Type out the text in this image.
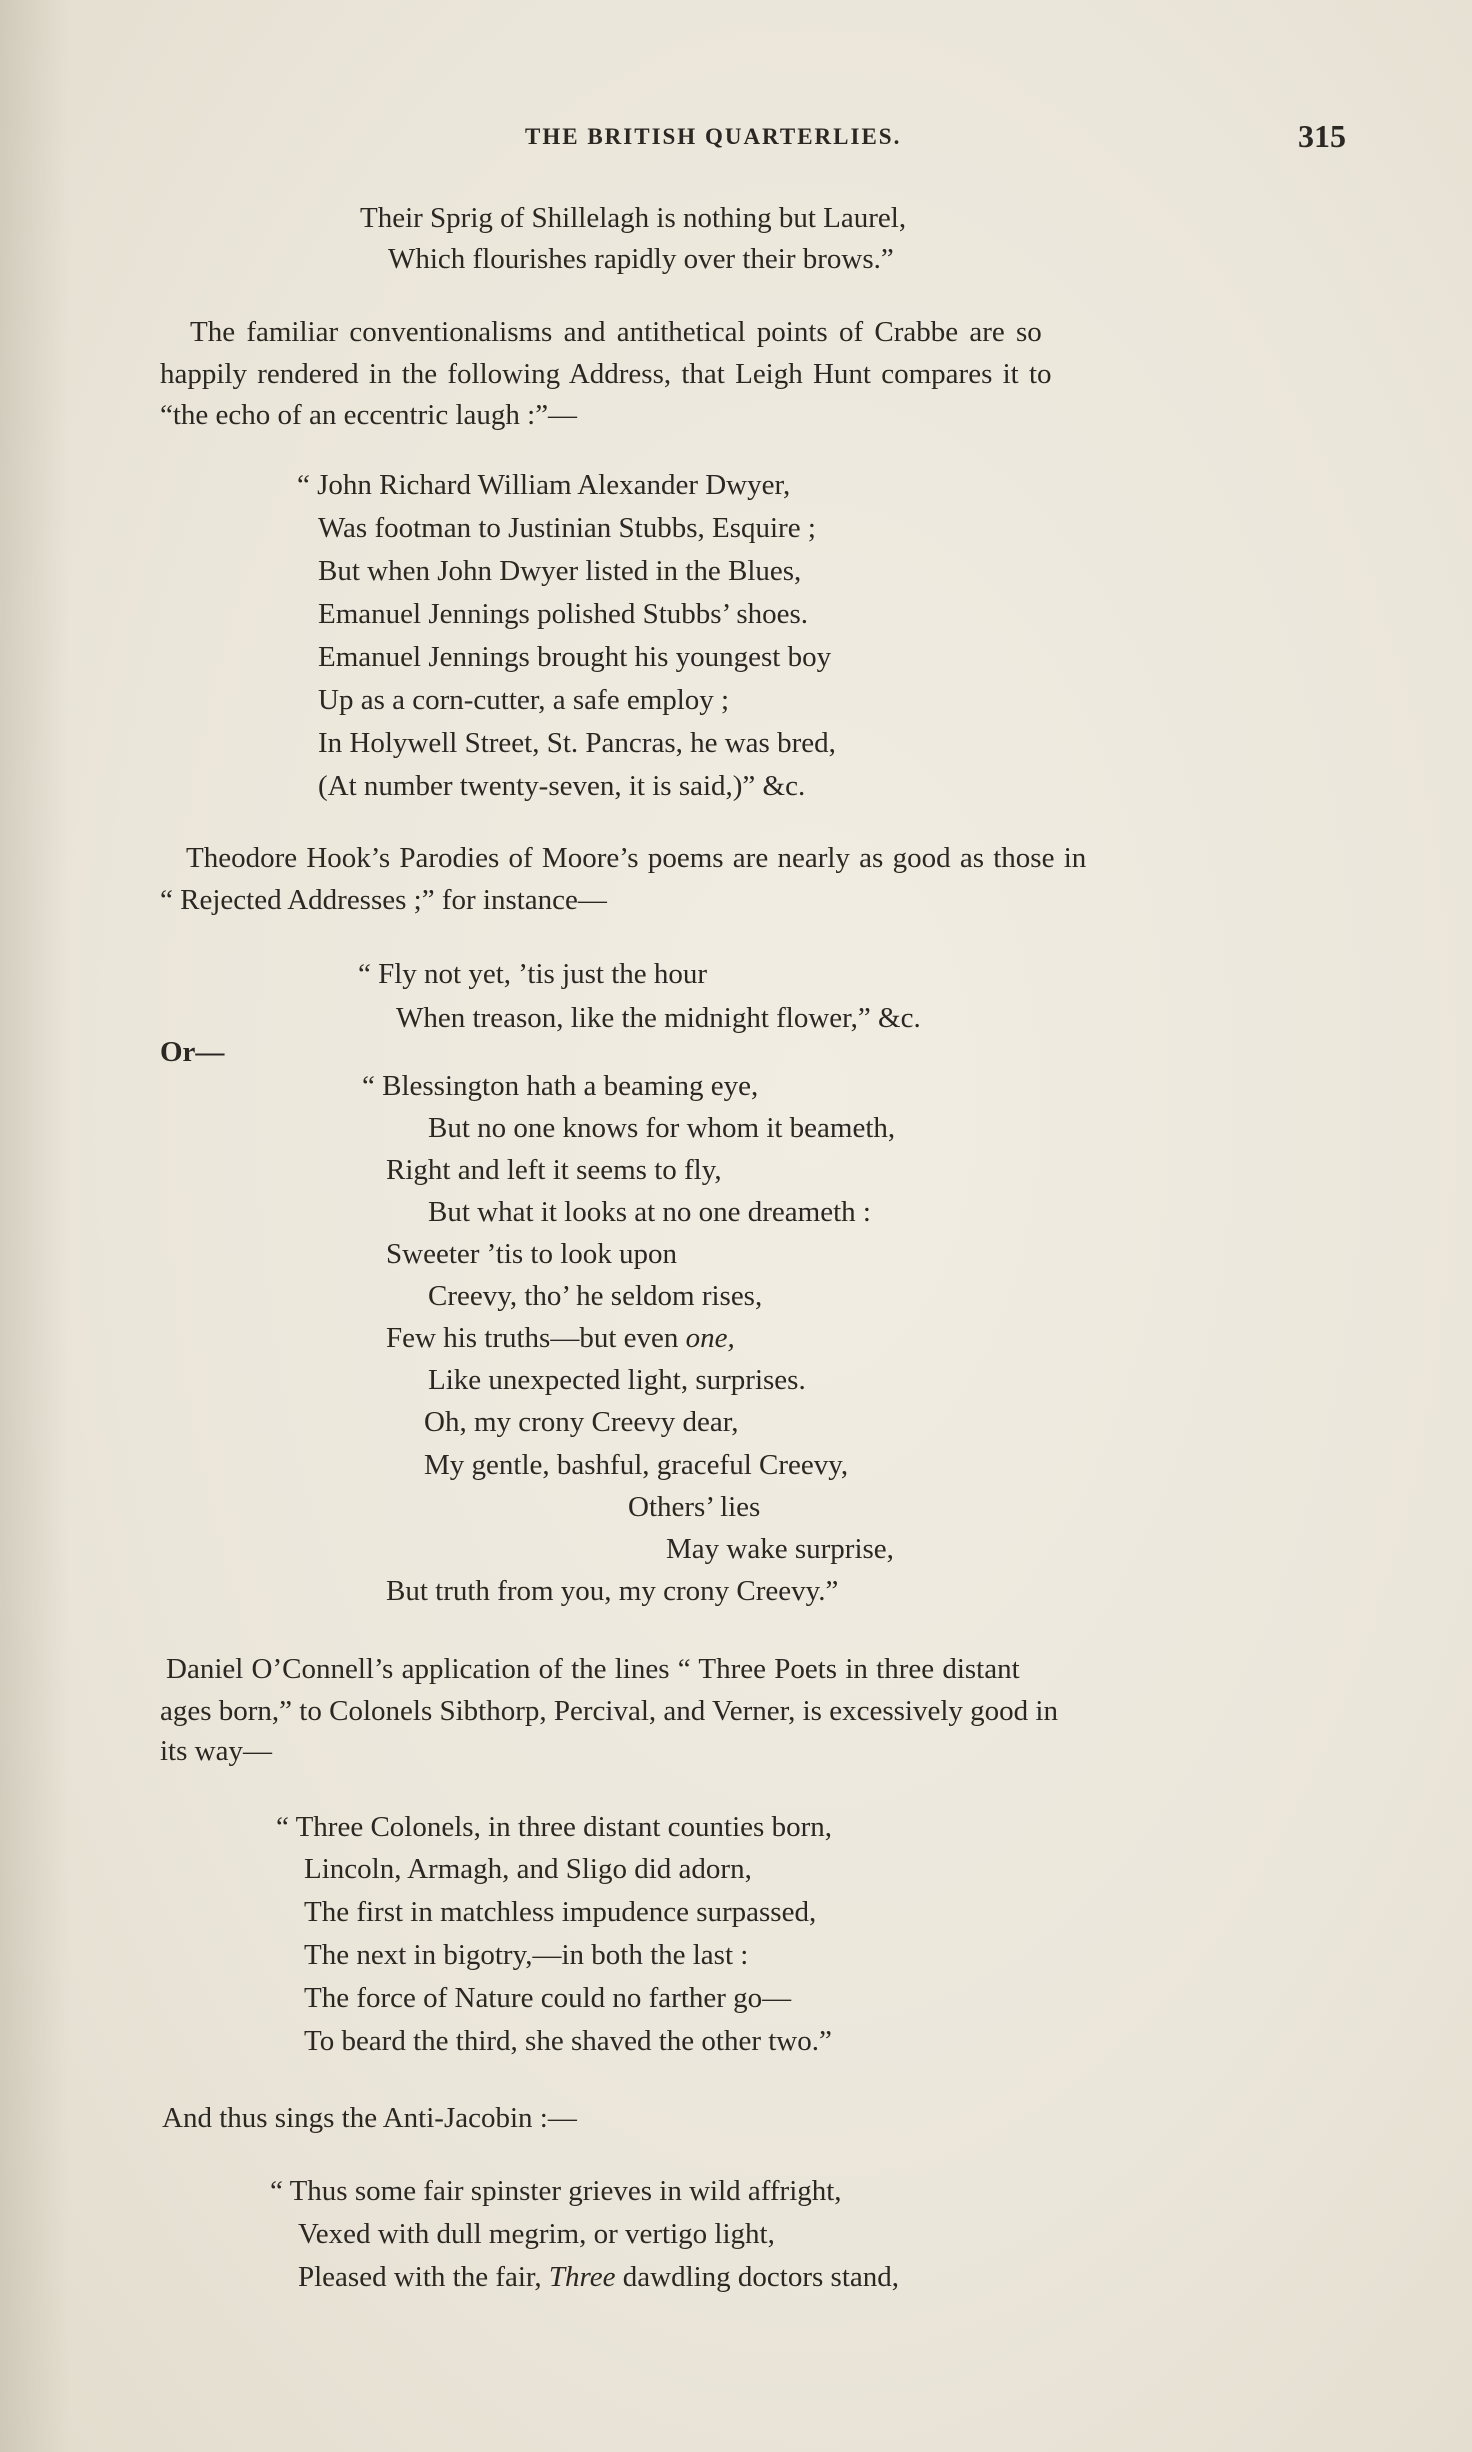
THE BRITISH QUARTERLIES.	315
Their Sprig of Shillelagh is nothing but Laurel,
Which flourishes rapidly over their brows.”
The familiar conventionalisms and antithetical points of Crabbe are so
happily rendered in the following Address, that Leigh Hunt compares it to
“the echo of an eccentric laugh :”—
“ John Richard William Alexander Dwyer,
Was footman to Justinian Stubbs, Esquire ;
But when John Dwyer listed in the Blues,
Emanuel Jennings polished Stubbs’ shoes.
Emanuel Jennings brought his youngest boy
Up as a corn-cutter, a safe employ ;
In Holywell Street, St. Pancras, he was bred,
(At number twenty-seven, it is said,)” &c.
Theodore Hook’s Parodies of Moore’s poems are nearly as good as those in
“ Rejected Addresses ;” for instance—
“ Fly not yet, ’tis just the hour
When treason, like the midnight flower,” &c.
Or—
“ Blessington hath a beaming eye,
But no one knows for whom it beameth,
Right and left it seems to fly,
But what it looks at no one dreameth :
Sweeter ’tis to look upon
Creevy, tho’ he seldom rises,
Few his truths—but even one,
Like unexpected light, surprises.
Oh, my crony Creevy dear,
My gentle, bashful, graceful Creevy,
Others’ lies
May wake surprise,
But truth from you, my crony Creevy.”
Daniel O’Connell’s application of the lines “ Three Poets in three distant
ages born,” to Colonels Sibthorp, Percival, and Verner, is excessively good in
its way—
“ Three Colonels, in three distant counties born,
Lincoln, Armagh, and Sligo did adorn,
The first in matchless impudence surpassed,
The next in bigotry,—in both the last :
The force of Nature could no farther go—
To beard the third, she shaved the other two.”
And thus sings the Anti-Jacobin :—
“ Thus some fair spinster grieves in wild affright,
Vexed with dull megrim, or vertigo light,
Pleased with the fair, Three dawdling doctors stand,
